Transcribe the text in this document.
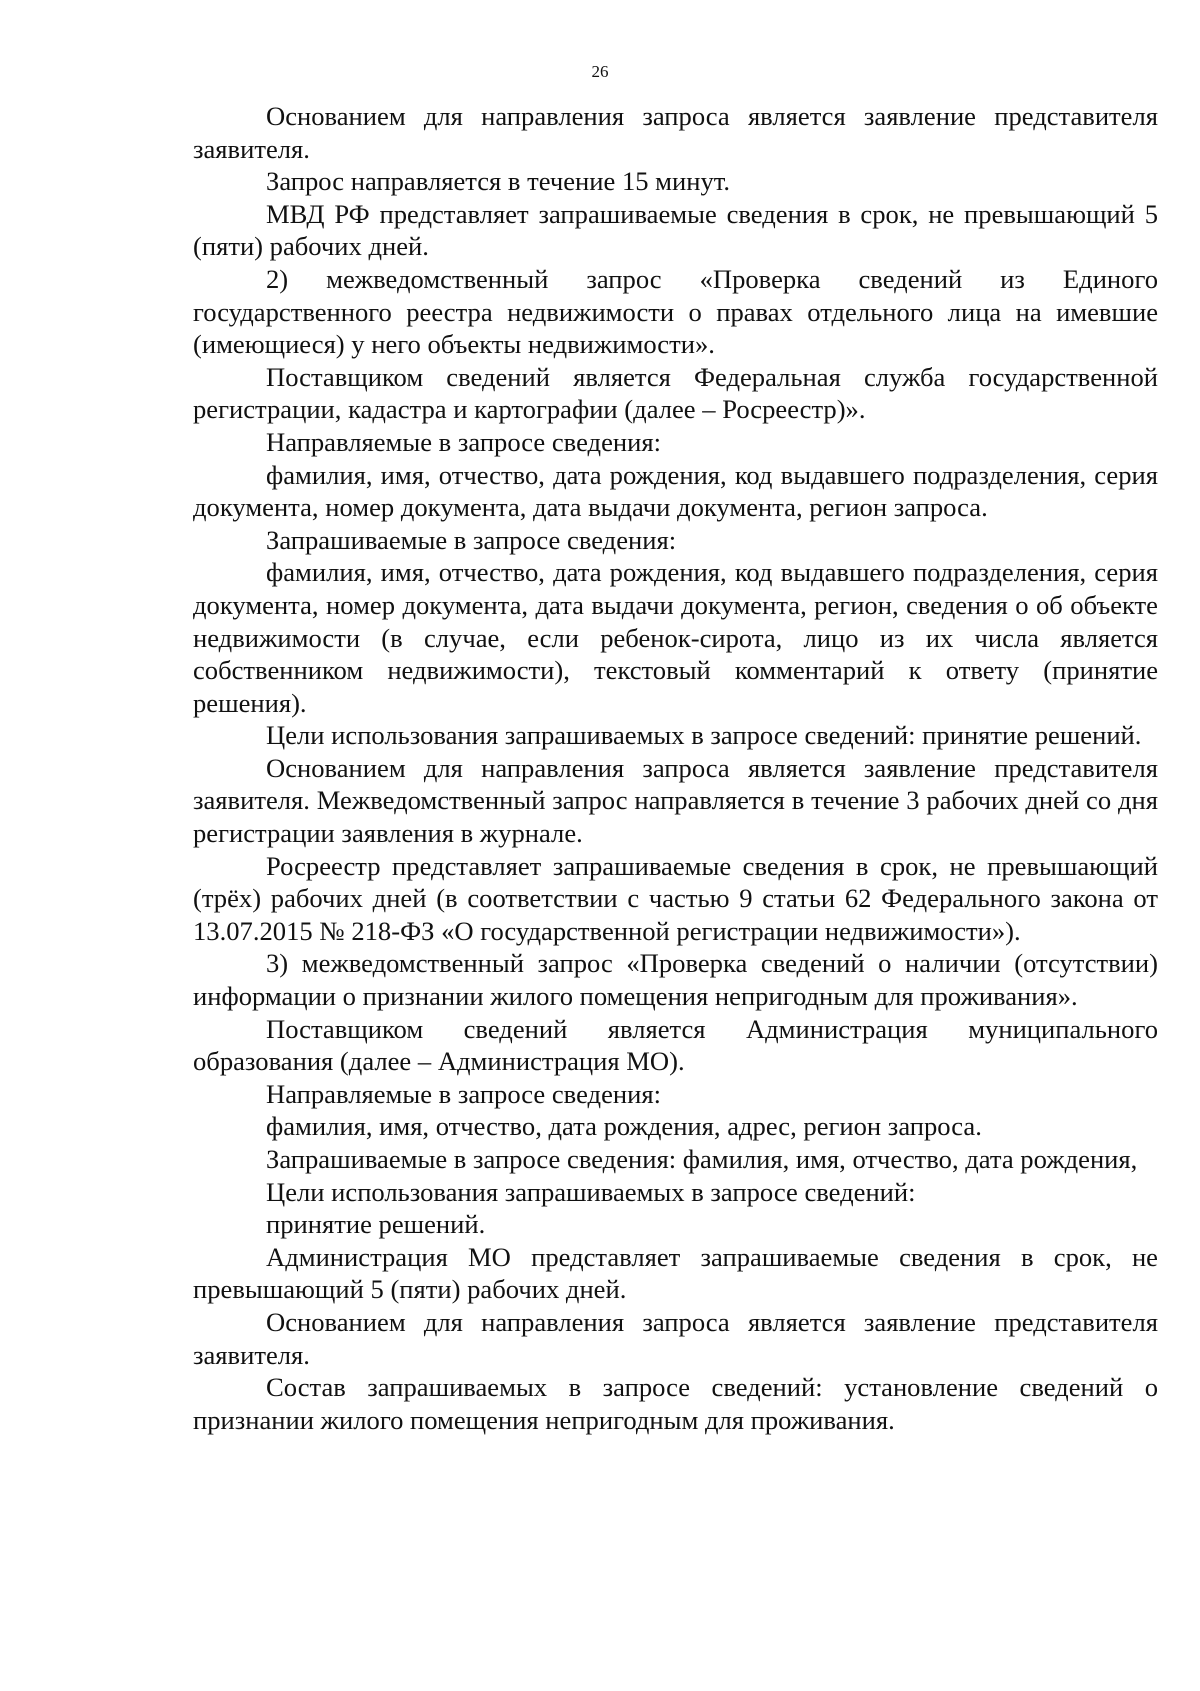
26

Основанием для направления запроса является заявление представителя заявителя.

Запрос направляется в течение 15 минут.

МВД РФ представляет запрашиваемые сведения в срок, не превышающий 5 (пяти) рабочих дней.

2) межведомственный запрос «Проверка сведений из Единого государственного реестра недвижимости о правах отдельного лица на имевшие (имеющиеся) у него объекты недвижимости».

Поставщиком сведений является Федеральная служба государственной регистрации, кадастра и картографии (далее – Росреестр)».

Направляемые в запросе сведения:

фамилия, имя, отчество, дата рождения, код выдавшего подразделения, серия документа, номер документа, дата выдачи документа, регион запроса.

Запрашиваемые в запросе сведения:

фамилия, имя, отчество, дата рождения, код выдавшего подразделения, серия документа, номер документа, дата выдачи документа, регион, сведения о об объекте недвижимости (в случае, если ребенок-сирота, лицо из их числа является собственником недвижимости), текстовый комментарий к ответу (принятие решения).

Цели использования запрашиваемых в запросе сведений: принятие решений.

Основанием для направления запроса является заявление представителя заявителя. Межведомственный запрос направляется в течение 3 рабочих дней со дня регистрации заявления в журнале.

Росреестр представляет запрашиваемые сведения в срок, не превышающий (трёх) рабочих дней (в соответствии с частью 9 статьи 62 Федерального закона от 13.07.2015 № 218-ФЗ «О государственной регистрации недвижимости»).

3) межведомственный запрос «Проверка сведений о наличии (отсутствии) информации о признании жилого помещения непригодным для проживания».

Поставщиком сведений является Администрация муниципального образования (далее – Администрация МО).

Направляемые в запросе сведения:

фамилия, имя, отчество, дата рождения, адрес, регион запроса.

Запрашиваемые в запросе сведения: фамилия, имя, отчество, дата рождения,

Цели использования запрашиваемых в запросе сведений:

принятие решений.

Администрация МО представляет запрашиваемые сведения в срок, не превышающий 5 (пяти) рабочих дней.

Основанием для направления запроса является заявление представителя заявителя.

Состав запрашиваемых в запросе сведений: установление сведений о признании жилого помещения непригодным для проживания.
